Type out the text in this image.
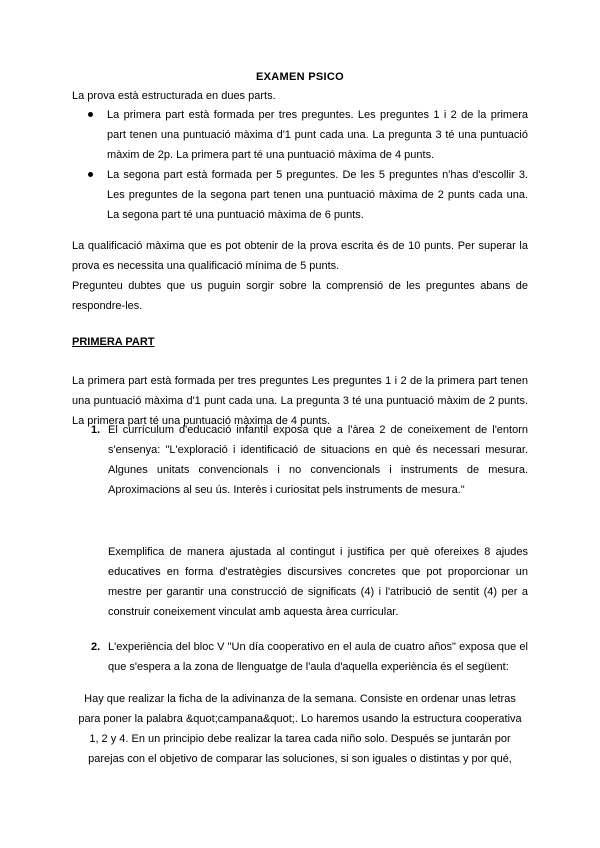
EXAMEN PSICO
La prova està estructurada en dues parts.
La primera part està formada per tres preguntes. Les preguntes 1 i 2 de la primera part tenen una puntuació màxima d'1 punt cada una. La pregunta 3 té una puntuació màxim de 2p. La primera part té una puntuació màxima de 4 punts.
La segona part està formada per 5 preguntes. De les 5 preguntes n'has d'escollir 3. Les preguntes de la segona part tenen una puntuació màxima de 2 punts cada una. La segona part té una puntuació màxima de 6 punts.
La qualificació màxima que es pot obtenir de la prova escrita és de 10 punts. Per superar la prova es necessita una qualificació mínima de 5 punts.
Pregunteu dubtes que us puguin sorgir sobre la comprensió de les preguntes abans de respondre-les.
PRIMERA PART
La primera part està formada per tres preguntes Les preguntes 1 i 2 de la primera part tenen una puntuació màxima d'1 punt cada una. La pregunta 3 té una puntuació màxim de 2 punts. La primera part té una puntuació màxima de 4 punts.
1. El currículum d'educació infantil exposa que a l'àrea 2 de coneixement de l'entorn s'ensenya: "L'exploració i identificació de situacions en què és necessari mesurar. Algunes unitats convencionals i no convencionals i instruments de mesura. Aproximacions al seu ús. Interès i curiositat pels instruments de mesura."
Exemplifica de manera ajustada al contingut i justifica per què ofereixes 8 ajudes educatives en forma d'estratègies discursives concretes que pot proporcionar un mestre per garantir una construcció de significats (4) i l'atribució de sentit (4) per a construir coneixement vinculat amb aquesta àrea curricular.
2. L'experiència del bloc V "Un día cooperativo en el aula de cuatro años" exposa que el que s'espera a la zona de llenguatge de l'aula d'aquella experiència és el següent:
Hay que realizar la ficha de la adivinanza de la semana. Consiste en ordenar unas letras para poner la palabra &quot;campana&quot;. Lo haremos usando la estructura cooperativa 1, 2 y 4. En un principio debe realizar la tarea cada niño solo. Después se juntarán por parejas con el objetivo de comparar las soluciones, si son iguales o distintas y por qué,
